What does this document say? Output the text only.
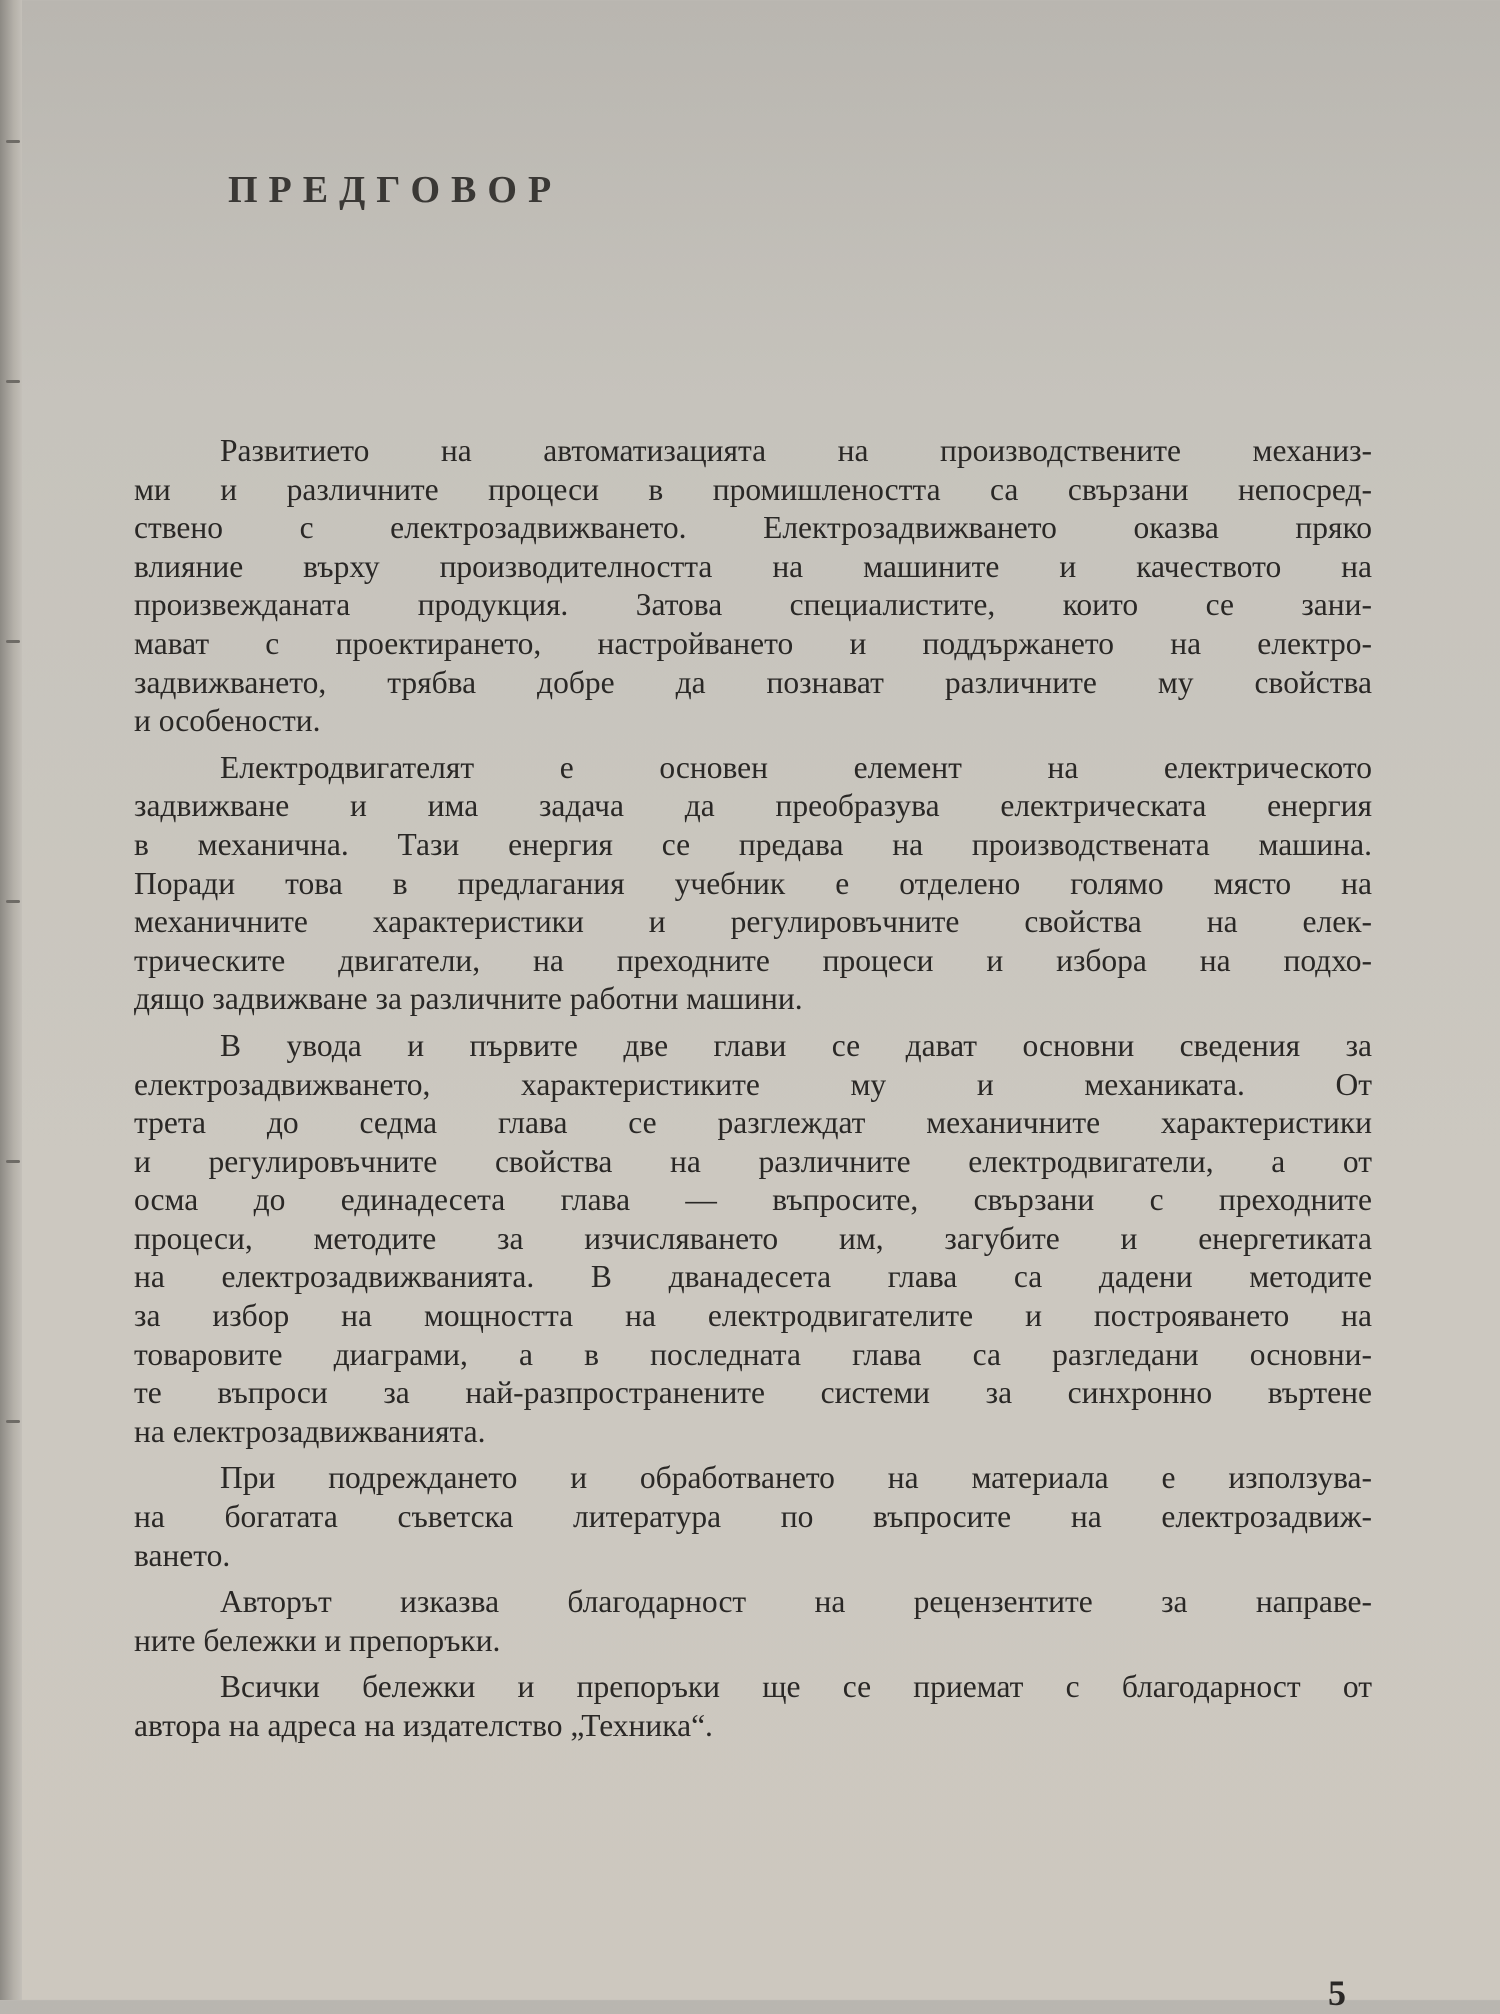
ПРЕДГОВОР
Развитието на автоматизацията на производствените механиз-
ми и различните процеси в промишлеността са свързани непосред-
ствено с електрозадвижването. Електрозадвижването оказва пряко
влияние върху производителността на машините и качеството на
произвежданата продукция. Затова специалистите, които се зани-
мават с проектирането, настройването и поддържането на електро-
задвижването, трябва добре да познават различните му свойства
и особености.
Електродвигателят е основен елемент на електрическото
задвижване и има задача да преобразува електрическата енергия
в механична. Тази енергия се предава на производствената машина.
Поради това в предлагания учебник е отделено голямо място на
механичните характеристики и регулировъчните свойства на елек-
трическите двигатели, на преходните процеси и избора на подхо-
дящо задвижване за различните работни машини.
В увода и първите две глави се дават основни сведения за
електрозадвижването, характеристиките му и механиката. От
трета до седма глава се разглеждат механичните характеристики
и регулировъчните свойства на различните електродвигатели, а от
осма до единадесета глава — въпросите, свързани с преходните
процеси, методите за изчисляването им, загубите и енергетиката
на електрозадвижванията. В дванадесета глава са дадени методите
за избор на мощността на електродвигателите и построяването на
товаровите диаграми, а в последната глава са разгледани основни-
те въпроси за най-разпространените системи за синхронно въртене
на електрозадвижванията.
При подреждането и обработването на материала е използува-
на богатата съветска литература по въпросите на електрозадвиж-
ването.
Авторът изказва благодарност на рецензентите за направе-
ните бележки и препоръки.
Всички бележки и препоръки ще се приемат с благодарност от
автора на адреса на издателство „Техника“.
5
